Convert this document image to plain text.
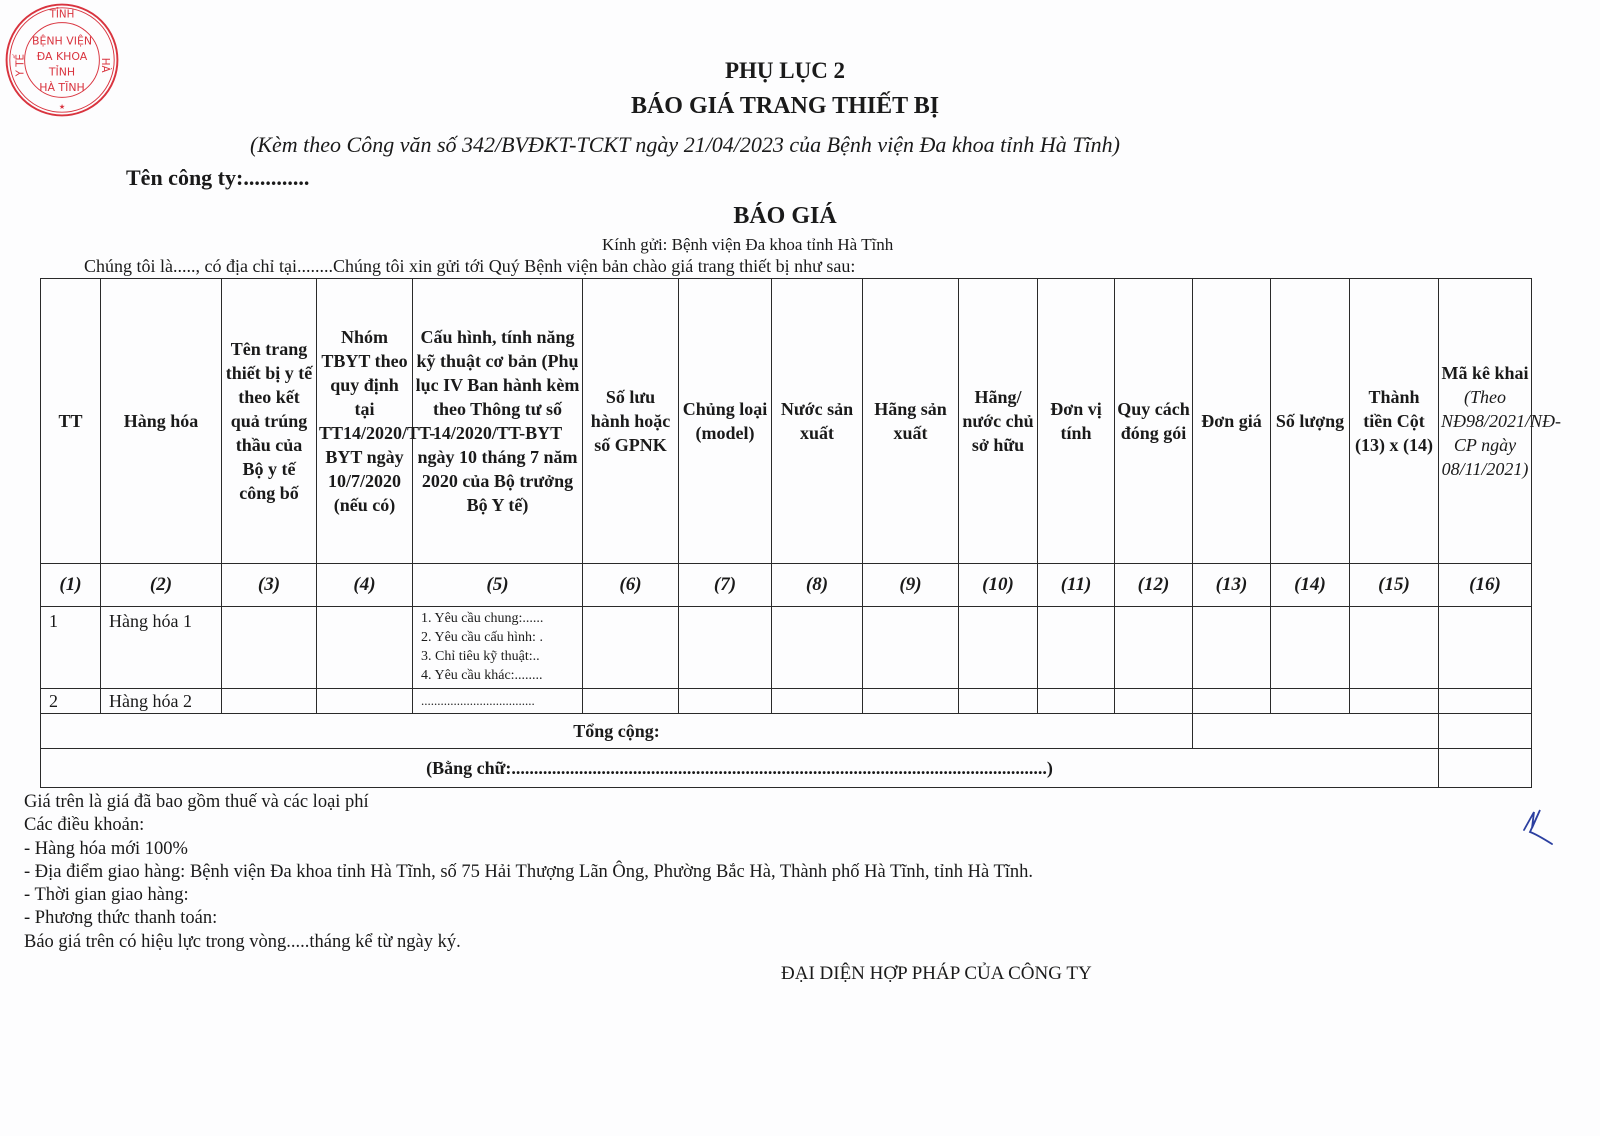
TỈNH
Y TẾ	HÀ
BỆNH VIỆN
ĐA KHOA
TỈNH
HÀ TĨNH
★
PHỤ LỤC 2
BÁO GIÁ TRANG THIẾT BỊ
(Kèm theo Công văn số 342/BVĐKT-TCKT ngày 21/04/2023 của Bệnh viện Đa khoa tỉnh Hà Tĩnh)
Tên công ty:............
BÁO GIÁ
Kính gửi: Bệnh viện Đa khoa tỉnh Hà Tĩnh
Chúng tôi là....., có địa chỉ tại........Chúng tôi xin gửi tới Quý Bệnh viện bản chào giá trang thiết bị như sau:
TT	Hàng hóa	Tên trang thiết bị y tế theo kết quả trúng thầu của Bộ y tế công bố	Nhóm TBYT theo quy định tại TT14/2020/TT-BYT ngày 10/7/2020 (nếu có)	Cấu hình, tính năng kỹ thuật cơ bản (Phụ lục IV Ban hành kèm theo Thông tư số 14/2020/TT-BYT ngày 10 tháng 7 năm 2020 của Bộ trưởng Bộ Y tế)	Số lưu hành hoặc số GPNK	Chủng loại (model)	Nước sản xuất	Hãng sản xuất	Hãng/ nước chủ sở hữu	Đơn vị tính	Quy cách đóng gói	Đơn giá	Số lượng	Thành tiền Cột (13) x (14)	Mã kê khai
(Theo NĐ98/2021/NĐ-CP ngày 08/11/2021)

(1)	(2)	(3)	(4)	(5)	(6)	(7)	(8)	(9)	(10)	(11)	(12)	(13)	(14)	(15)	(16)
1	Hàng hóa 1			1. Yêu cầu chung:......
2. Yêu cầu cấu hình: .
3. Chỉ tiêu kỹ thuật:..
4. Yêu cầu khác:........											

2	Hàng hóa 2			...................................											
Tổng cộng:															
(Bằng chữ:.......................................................................................................................)															
Giá trên là giá đã bao gồm thuế và các loại phí
Các điều khoản:
- Hàng hóa mới 100%
- Địa điểm giao hàng: Bệnh viện Đa khoa tỉnh Hà Tĩnh, số 75 Hải Thượng Lãn Ông, Phường Bắc Hà, Thành phố Hà Tĩnh, tỉnh Hà Tĩnh.
- Thời gian giao hàng:
- Phương thức thanh toán:
Báo giá trên có hiệu lực trong vòng.....tháng kể từ ngày ký.
ĐẠI DIỆN HỢP PHÁP CỦA CÔNG TY
